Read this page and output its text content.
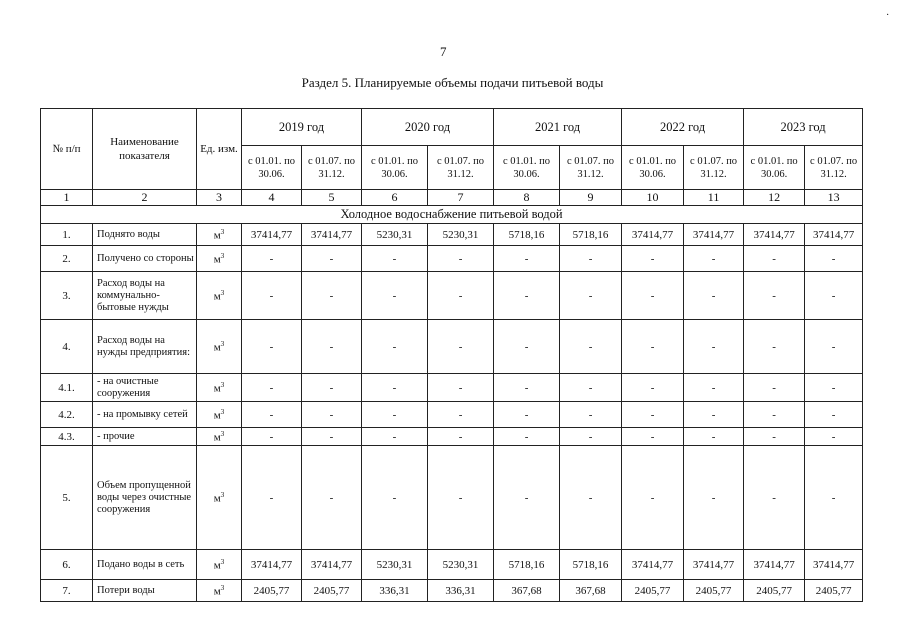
·
7
Раздел 5. Планируемые объемы подачи питьевой воды
№ п/п	Наименование показателя	Ед. изм.	2019 год		2020 год		2021 год		2022 год		2023 год	
			с 01.01. по 30.06.	с 01.07. по 31.12.	с 01.01. по 30.06.	с 01.07. по 31.12.	с 01.01. по 30.06.	с 01.07. по 31.12.	с 01.01. по 30.06.	с 01.07. по 31.12.	с 01.01. по 30.06.	с 01.07. по 31.12.
1	2	3	4	5	6	7	8	9	10	11	12	13
Холодное водоснабжение питьевой водой												
1.	Поднято воды	$м^3$	37414,77	37414,77	5230,31	5230,31	5718,16	5718,16	37414,77	37414,77	37414,77	37414,77
2.	Получено со стороны	$м^3$	-	-	-	-	-	-	-	-	-	-
3.	Расход воды на коммунально-бытовые нужды	$м^3$	-	-	-	-	-	-	-	-	-	-
4.	Расход воды на нужды предприятия:	$м^3$	-	-	-	-	-	-	-	-	-	-
4.1.	- на очистные сооружения	$м^3$	-	-	-	-	-	-	-	-	-	-
4.2.	- на промывку сетей	$м^3$	-	-	-	-	-	-	-	-	-	-
4.3.	- прочие	$м^3$	-	-	-	-	-	-	-	-	-	-
5.	Объем пропущенной воды через очистные сооружения	$м^3$	-	-	-	-	-	-	-	-	-	-
6.	Подано воды в сеть	$м^3$	37414,77	37414,77	5230,31	5230,31	5718,16	5718,16	37414,77	37414,77	37414,77	37414,77
7.	Потери воды	$м^3$	2405,77	2405,77	336,31	336,31	367,68	367,68	2405,77	2405,77	2405,77	2405,77
